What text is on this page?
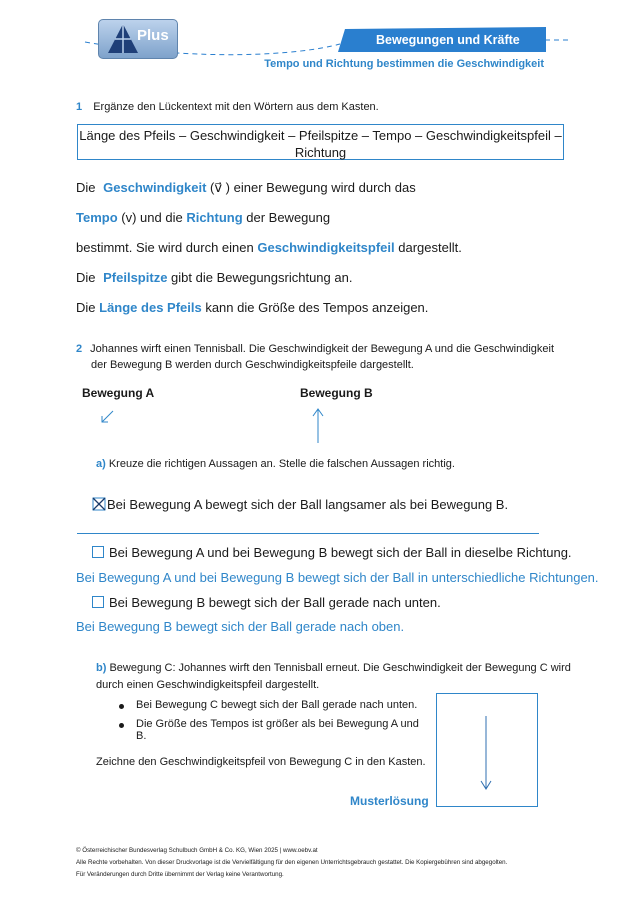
Plus	Bewegungen und Kräfte
Tempo und Richtung bestimmen die Geschwindigkeit
1 Ergänze den Lückentext mit den Wörtern aus dem Kasten.
Länge des Pfeils – Geschwindigkeit – Pfeilspitze – Tempo – Geschwindigkeitspfeil –
Richtung
Die Geschwindigkeit (v⃗ ) einer Bewegung wird durch das
Tempo (v) und die Richtung der Bewegung
bestimmt. Sie wird durch einen Geschwindigkeitspfeil dargestellt.
Die Pfeilspitze gibt die Bewegungsrichtung an.
Die Länge des Pfeils kann die Größe des Tempos anzeigen.
2 Johannes wirft einen Tennisball. Die Geschwindigkeit der Bewegung A und die Geschwindigkeit
der Bewegung B werden durch Geschwindigkeitspfeile dargestellt.
Bewegung A	Bewegung B
a) Kreuze die richtigen Aussagen an. Stelle die falschen Aussagen richtig.
Bei Bewegung A bewegt sich der Ball langsamer als bei Bewegung B.
Bei Bewegung A und bei Bewegung B bewegt sich der Ball in dieselbe Richtung.
Bei Bewegung A und bei Bewegung B bewegt sich der Ball in unterschiedliche Richtungen.
Bei Bewegung B bewegt sich der Ball gerade nach unten.
Bei Bewegung B bewegt sich der Ball gerade nach oben.
b) Bewegung C: Johannes wirft den Tennisball erneut. Die Geschwindigkeit der Bewegung C wird
durch einen Geschwindigkeitspfeil dargestellt.
Bei Bewegung C bewegt sich der Ball gerade nach unten.
Die Größe des Tempos ist größer als bei Bewegung A und B.
Zeichne den Geschwindigkeitspfeil von Bewegung C in den Kasten.
Musterlösung
© Österreichischer Bundesverlag Schulbuch GmbH & Co. KG, Wien 2025 | www.oebv.at
Alle Rechte vorbehalten. Von dieser Druckvorlage ist die Vervielfältigung für den eigenen Unterrichtsgebrauch gestattet. Die Kopiergebühren sind abgegolten.
Für Veränderungen durch Dritte übernimmt der Verlag keine Verantwortung.
